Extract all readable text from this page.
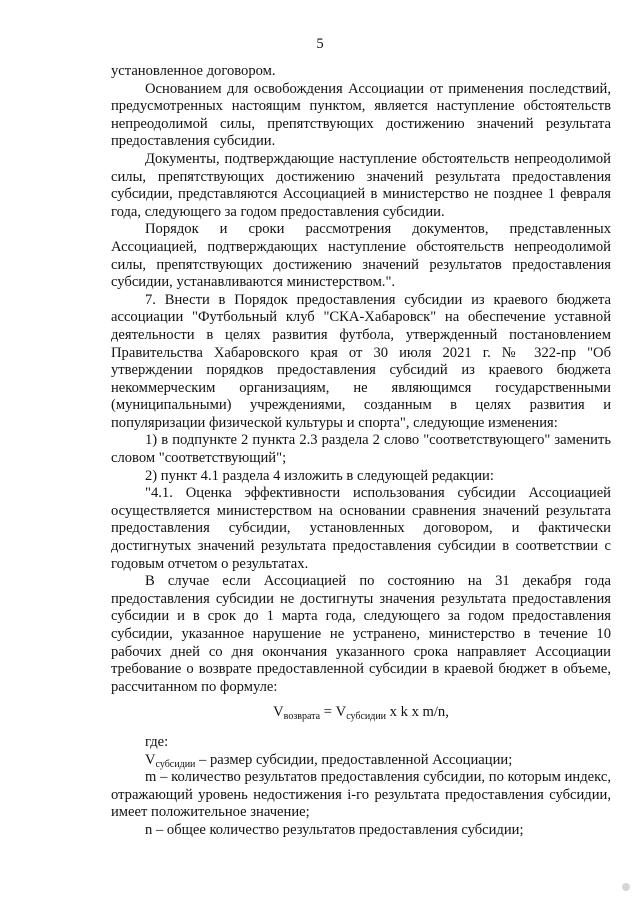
5

установленное договором.

Основанием для освобождения Ассоциации от применения последствий, предусмотренных настоящим пунктом, является наступление обстоятельств непреодолимой силы, препятствующих достижению значений результата предоставления субсидии.

Документы, подтверждающие наступление обстоятельств непреодолимой силы, препятствующих достижению значений результата предоставления субсидии, представляются Ассоциацией в министерство не позднее 1 февраля года, следующего за годом предоставления субсидии.

Порядок и сроки рассмотрения документов, представленных Ассоциацией, подтверждающих наступление обстоятельств непреодолимой силы, препятствующих достижению значений результатов предоставления субсидии, устанавливаются министерством.".

7. Внести в Порядок предоставления субсидии из краевого бюджета ассоциации "Футбольный клуб "СКА-Хабаровск" на обеспечение уставной деятельности в целях развития футбола, утвержденный постановлением Правительства Хабаровского края от 30 июля 2021 г. № 322-пр "Об утверждении порядков предоставления субсидий из краевого бюджета некоммерческим организациям, не являющимся государственными (муниципальными) учреждениями, созданным в целях развития и популяризации физической культуры и спорта", следующие изменения:

1) в подпункте 2 пункта 2.3 раздела 2 слово "соответствующего" заменить словом "соответствующий";

2) пункт 4.1 раздела 4 изложить в следующей редакции:

"4.1. Оценка эффективности использования субсидии Ассоциацией осуществляется министерством на основании сравнения значений результата предоставления субсидии, установленных договором, и фактически достигнутых значений результата предоставления субсидии в соответствии с годовым отчетом о результатах.

В случае если Ассоциацией по состоянию на 31 декабря года предоставления субсидии не достигнуты значения результата предоставления субсидии и в срок до 1 марта года, следующего за годом предоставления субсидии, указанное нарушение не устранено, министерство в течение 10 рабочих дней со дня окончания указанного срока направляет Ассоциации требование о возврате предоставленной субсидии в краевой бюджет в объеме, рассчитанном по формуле:

$V_{возврата} = V_{субсидии}$ x k x m/n,

где:

$V_{субсидии}$ – размер субсидии, предоставленной Ассоциации;

m – количество результатов предоставления субсидии, по которым индекс, отражающий уровень недостижения i-го результата предоставления субсидии, имеет положительное значение;

n – общее количество результатов предоставления субсидии;
